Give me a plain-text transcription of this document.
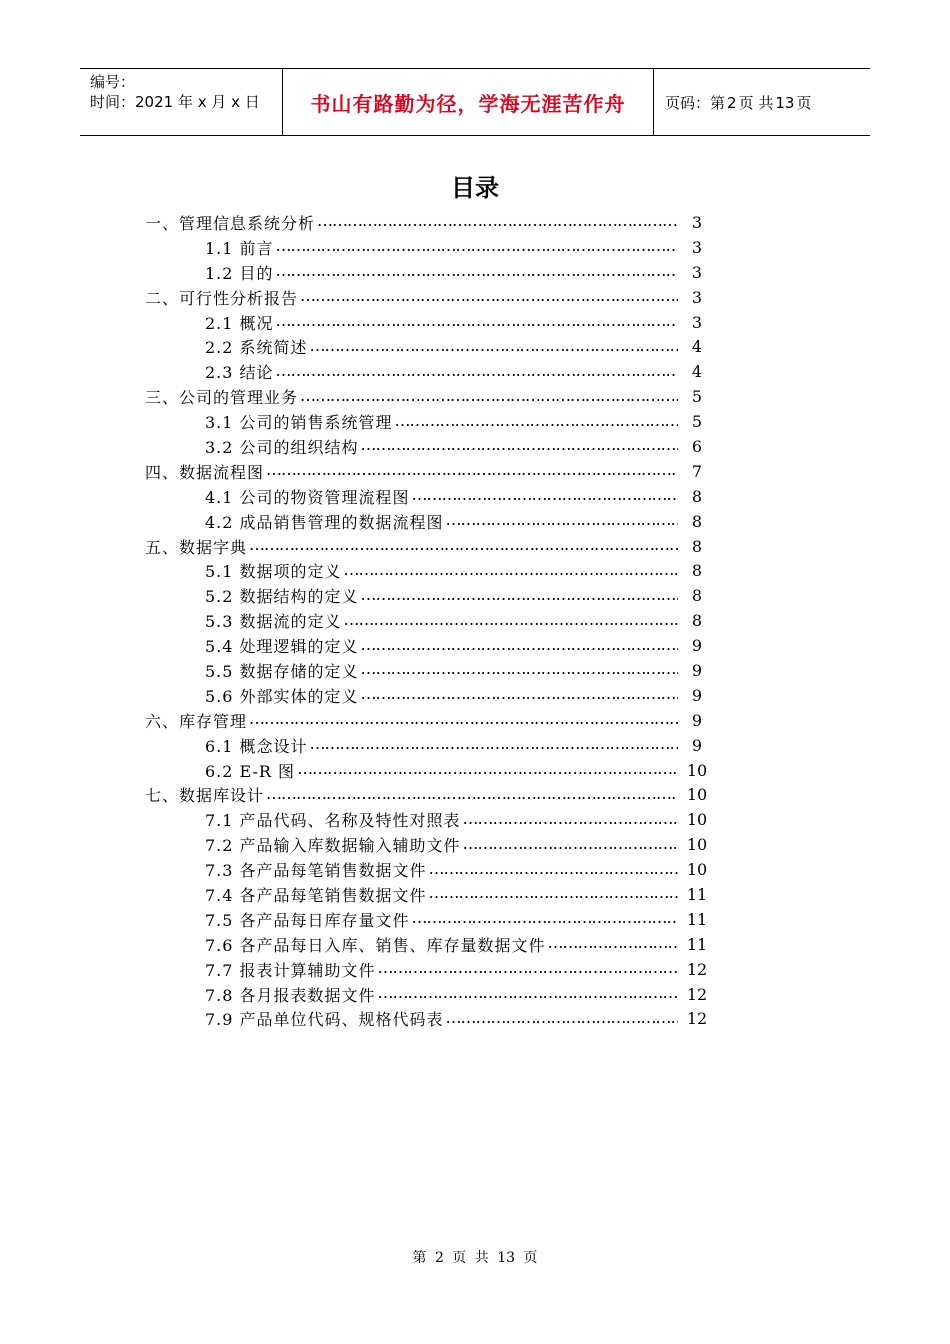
编号：
时间：2021 年 x 月 x 日	书山有路勤为径，学海无涯苦作舟	页码：第 2 页 共 13 页
目录
一、管理信息系统分析 ……………………………………………………………………………………………………………………………………………………	3
1.1 前言 ……………………………………………………………………………………………………………………………………………………	3
1.2 目的 ……………………………………………………………………………………………………………………………………………………	3
二、可行性分析报告 ……………………………………………………………………………………………………………………………………………………	3
2.1 概况 ……………………………………………………………………………………………………………………………………………………	3
2.2 系统简述 ……………………………………………………………………………………………………………………………………………………	4
2.3 结论 ……………………………………………………………………………………………………………………………………………………	4
三、公司的管理业务 ……………………………………………………………………………………………………………………………………………………	5
3.1 公司的销售系统管理 ……………………………………………………………………………………………………………………………………………………	5
3.2 公司的组织结构 ……………………………………………………………………………………………………………………………………………………	6
四、数据流程图 ……………………………………………………………………………………………………………………………………………………	7
4.1 公司的物资管理流程图 ……………………………………………………………………………………………………………………………………………………	8
4.2 成品销售管理的数据流程图 ……………………………………………………………………………………………………………………………………………………	8
五、数据字典 ……………………………………………………………………………………………………………………………………………………	8
5.1 数据项的定义 ……………………………………………………………………………………………………………………………………………………	8
5.2 数据结构的定义 ……………………………………………………………………………………………………………………………………………………	8
5.3 数据流的定义 ……………………………………………………………………………………………………………………………………………………	8
5.4 处理逻辑的定义 ……………………………………………………………………………………………………………………………………………………	9
5.5 数据存储的定义 ……………………………………………………………………………………………………………………………………………………	9
5.6 外部实体的定义 ……………………………………………………………………………………………………………………………………………………	9
六、库存管理 ……………………………………………………………………………………………………………………………………………………	9
6.1 概念设计 ……………………………………………………………………………………………………………………………………………………	9
6.2 E-R 图 ……………………………………………………………………………………………………………………………………………………	10
七、数据库设计 ……………………………………………………………………………………………………………………………………………………	10
7.1 产品代码、名称及特性对照表 ……………………………………………………………………………………………………………………………………………………	10
7.2 产品输入库数据输入辅助文件 ……………………………………………………………………………………………………………………………………………………	10
7.3 各产品每笔销售数据文件 ……………………………………………………………………………………………………………………………………………………	10
7.4 各产品每笔销售数据文件 ……………………………………………………………………………………………………………………………………………………	11
7.5 各产品每日库存量文件 ……………………………………………………………………………………………………………………………………………………	11
7.6 各产品每日入库、销售、库存量数据文件 ……………………………………………………………………………………………………………………………………………………	11
7.7 报表计算辅助文件 ……………………………………………………………………………………………………………………………………………………	12
7.8 各月报表数据文件 ……………………………………………………………………………………………………………………………………………………	12
7.9 产品单位代码、规格代码表 ……………………………………………………………………………………………………………………………………………………	12
第 2 页 共 13 页
